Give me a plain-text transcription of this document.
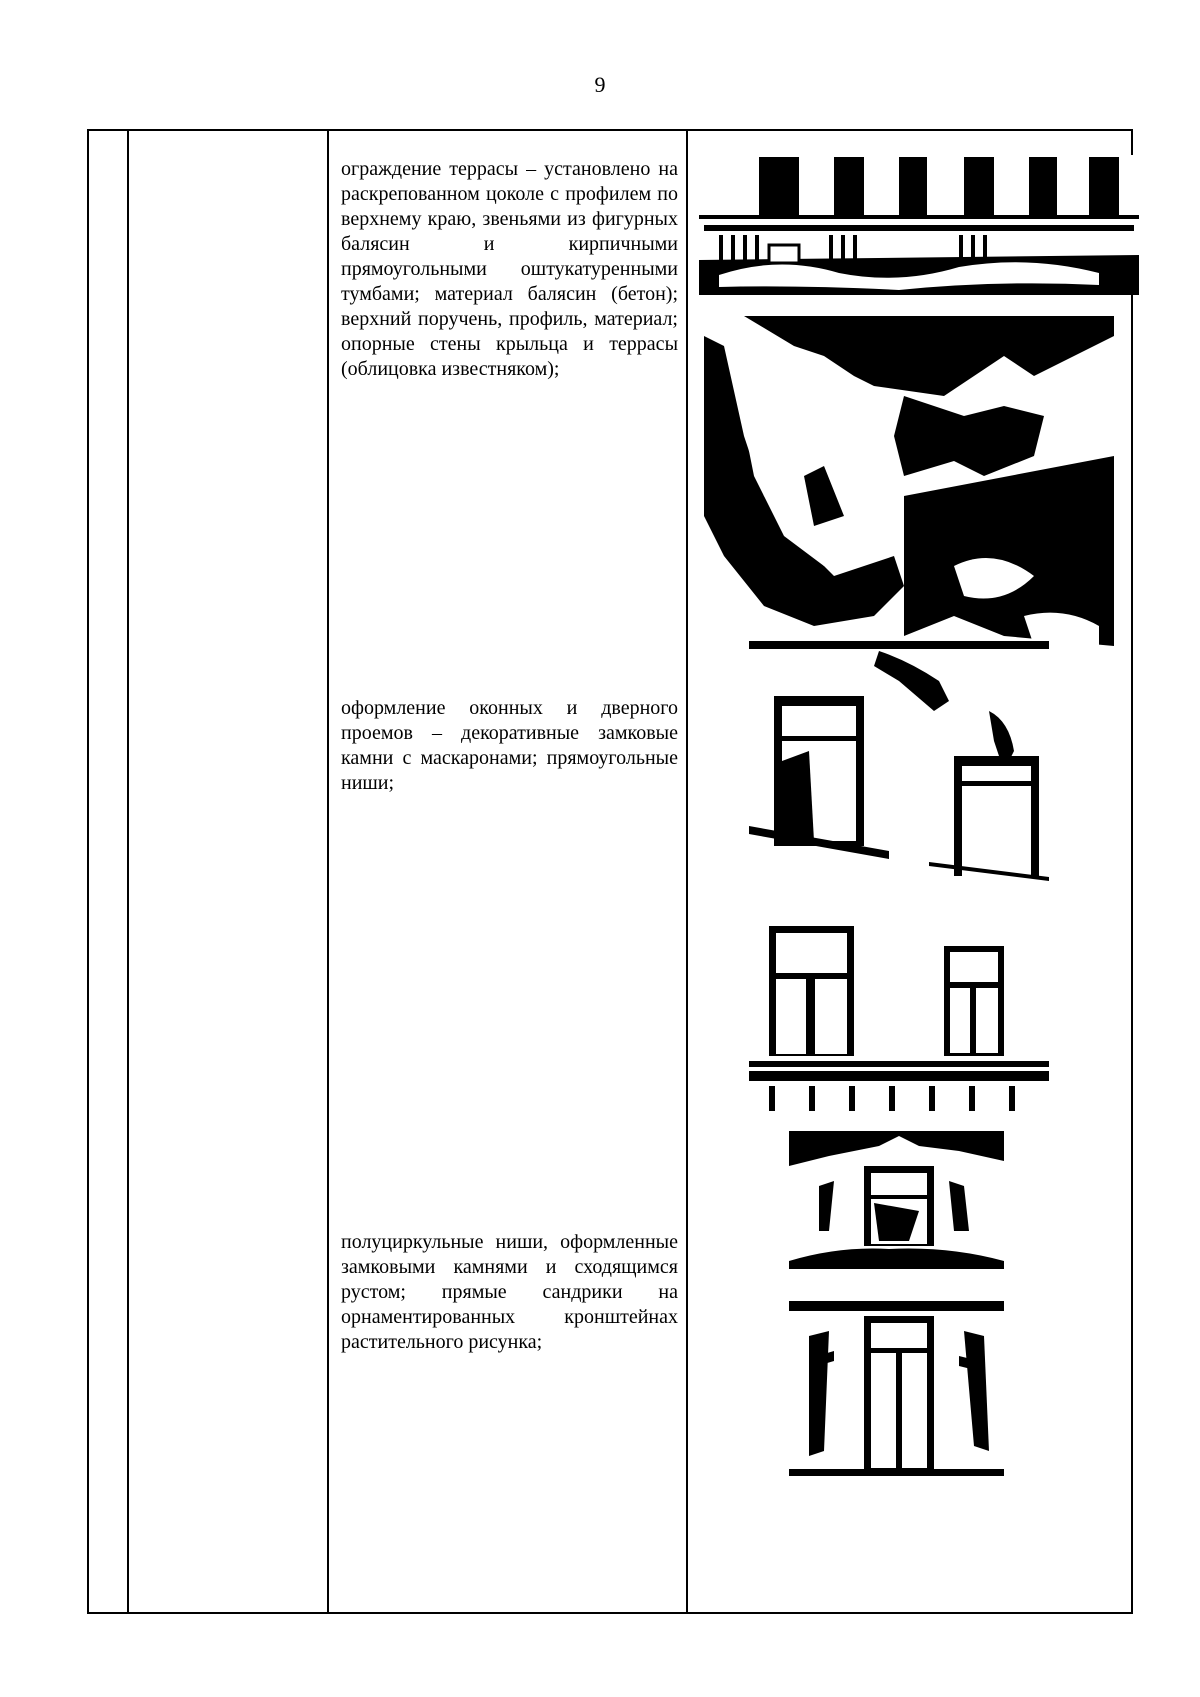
9
ограждение террасы – установлено на раскрепованном цоколе с профилем по верхнему краю, звеньями из фигурных балясин и кирпичными прямоугольными оштукатуренными тумбами; материал балясин (бетон); верхний поручень, профиль, материал; опорные стены крыльца и террасы (облицовка известняком);
оформление оконных и дверного проемов – декоративные замковые камни с маскаронами; прямоугольные ниши;
полуциркульные ниши, оформленные замковыми камнями и сходящимся рустом; прямые сандрики на орнаментированных кронштейнах растительного рисунка;
